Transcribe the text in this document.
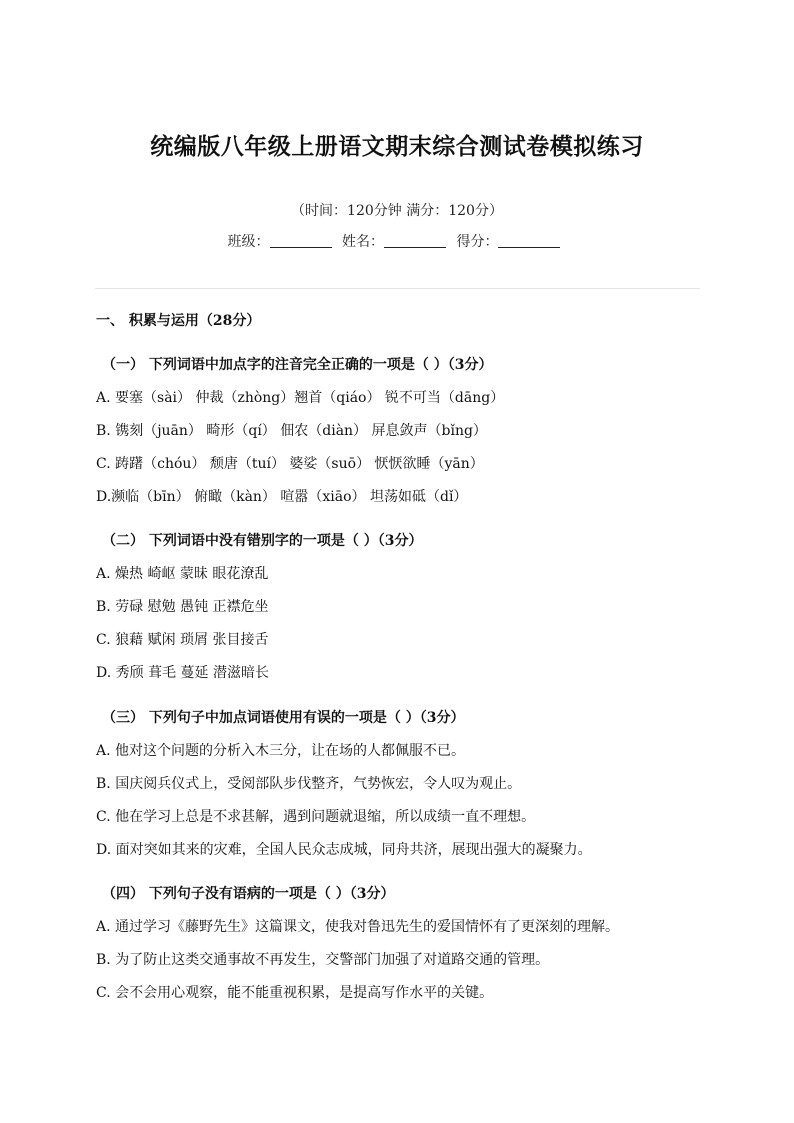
统编版八年级上册语文期末综合测试卷模拟练习
（时间：120分钟 满分：120分）
班级：	姓名：	得分：
一、 积累与运用（28分）
（一） 下列词语中加点字的注音完全正确的一项是（ ）（3分）
A. 要塞（sài） 仲裁（zhòng）翘首（qiáo） 锐不可当（dāng）
B. 镌刻（juān） 畸形（qí） 佃农（diàn） 屏息敛声（bǐng）
C. 踌躇（chóu） 颓唐（tuí） 婆娑（suō） 恹恹欲睡（yān）
D.濒临（bīn） 俯瞰（kàn） 喧嚣（xiāo） 坦荡如砥（dǐ）
（二） 下列词语中没有错别字的一项是（ ）（3分）
A. 燥热 崎岖 蒙昧 眼花潦乱
B. 劳碌 慰勉 愚钝 正襟危坐
C. 狼藉 赋闲 琐屑 张目接舌
D. 秀颀 葺毛 蔓延 潜滋暗长
（三） 下列句子中加点词语使用有误的一项是（ ）（3分）
A. 他对这个问题的分析入木三分，让在场的人都佩服不已。
B. 国庆阅兵仪式上，受阅部队步伐整齐，气势恢宏，令人叹为观止。
C. 他在学习上总是不求甚解，遇到问题就退缩，所以成绩一直不理想。
D. 面对突如其来的灾难，全国人民众志成城，同舟共济，展现出强大的凝聚力。
（四） 下列句子没有语病的一项是（ ）（3分）
A. 通过学习《藤野先生》这篇课文，使我对鲁迅先生的爱国情怀有了更深刻的理解。
B. 为了防止这类交通事故不再发生，交警部门加强了对道路交通的管理。
C. 会不会用心观察，能不能重视积累，是提高写作水平的关键。
